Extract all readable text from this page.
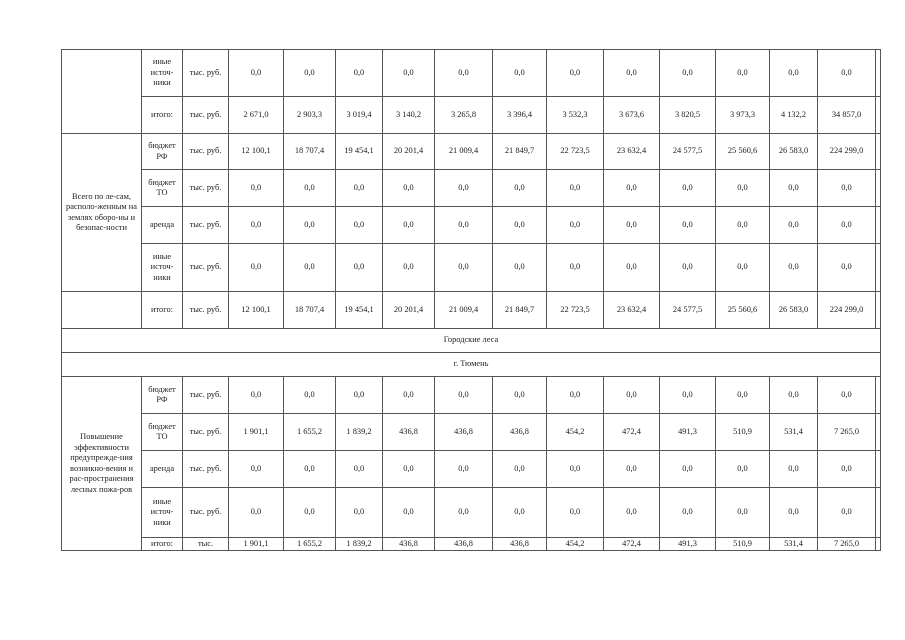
	иные источ-ники	тыс. руб.	0,0	0,0	0,0	0,0	0,0	0,0	0,0	0,0	0,0	0,0	0,0	0,0	
	итого:	тыс. руб.	2 671,0	2 903,3	3 019,4	3 140,2	3 265,8	3 396,4	3 532,3	3 673,6	3 820,5	3 973,3	4 132,2	34 857,0	
Всего по ле-сам, располо-женным на землях оборо-ны и безопас-ности	бюджет РФ	тыс. руб.	12 100,1	18 707,4	19 454,1	20 201,4	21 009,4	21 849,7	22 723,5	23 632,4	24 577,5	25 560,6	26 583,0	224 299,0	
	бюджет ТО	тыс. руб.	0,0	0,0	0,0	0,0	0,0	0,0	0,0	0,0	0,0	0,0	0,0	0,0	
	аренда	тыс. руб.	0,0	0,0	0,0	0,0	0,0	0,0	0,0	0,0	0,0	0,0	0,0	0,0	
	иные источ-ники	тыс. руб.	0,0	0,0	0,0	0,0	0,0	0,0	0,0	0,0	0,0	0,0	0,0	0,0	
	итого:	тыс. руб.	12 100,1	18 707,4	19 454,1	20 201,4	21 009,4	21 849,7	22 723,5	23 632,4	24 577,5	25 560,6	26 583,0	224 299,0	
Городские леса															
г. Тюмень															
Повышение эффективности предупрежде-ния возникно-вения и рас-пространения лесных пожа-ров	бюджет РФ	тыс. руб.	0,0	0,0	0,0	0,0	0,0	0,0	0,0	0,0	0,0	0,0	0,0	0,0	
	бюджет ТО	тыс. руб.	1 901,1	1 655,2	1 839,2	436,8	436,8	436,8	454,2	472,4	491,3	510,9	531,4	7 265,0	
	аренда	тыс. руб.	0,0	0,0	0,0	0,0	0,0	0,0	0,0	0,0	0,0	0,0	0,0	0,0	
	иные источ-ники	тыс. руб.	0,0	0,0	0,0	0,0	0,0	0,0	0,0	0,0	0,0	0,0	0,0	0,0	
	итого:	тыс.	1 901,1	1 655,2	1 839,2	436,8	436,8	436,8	454,2	472,4	491,3	510,9	531,4	7 265,0	
